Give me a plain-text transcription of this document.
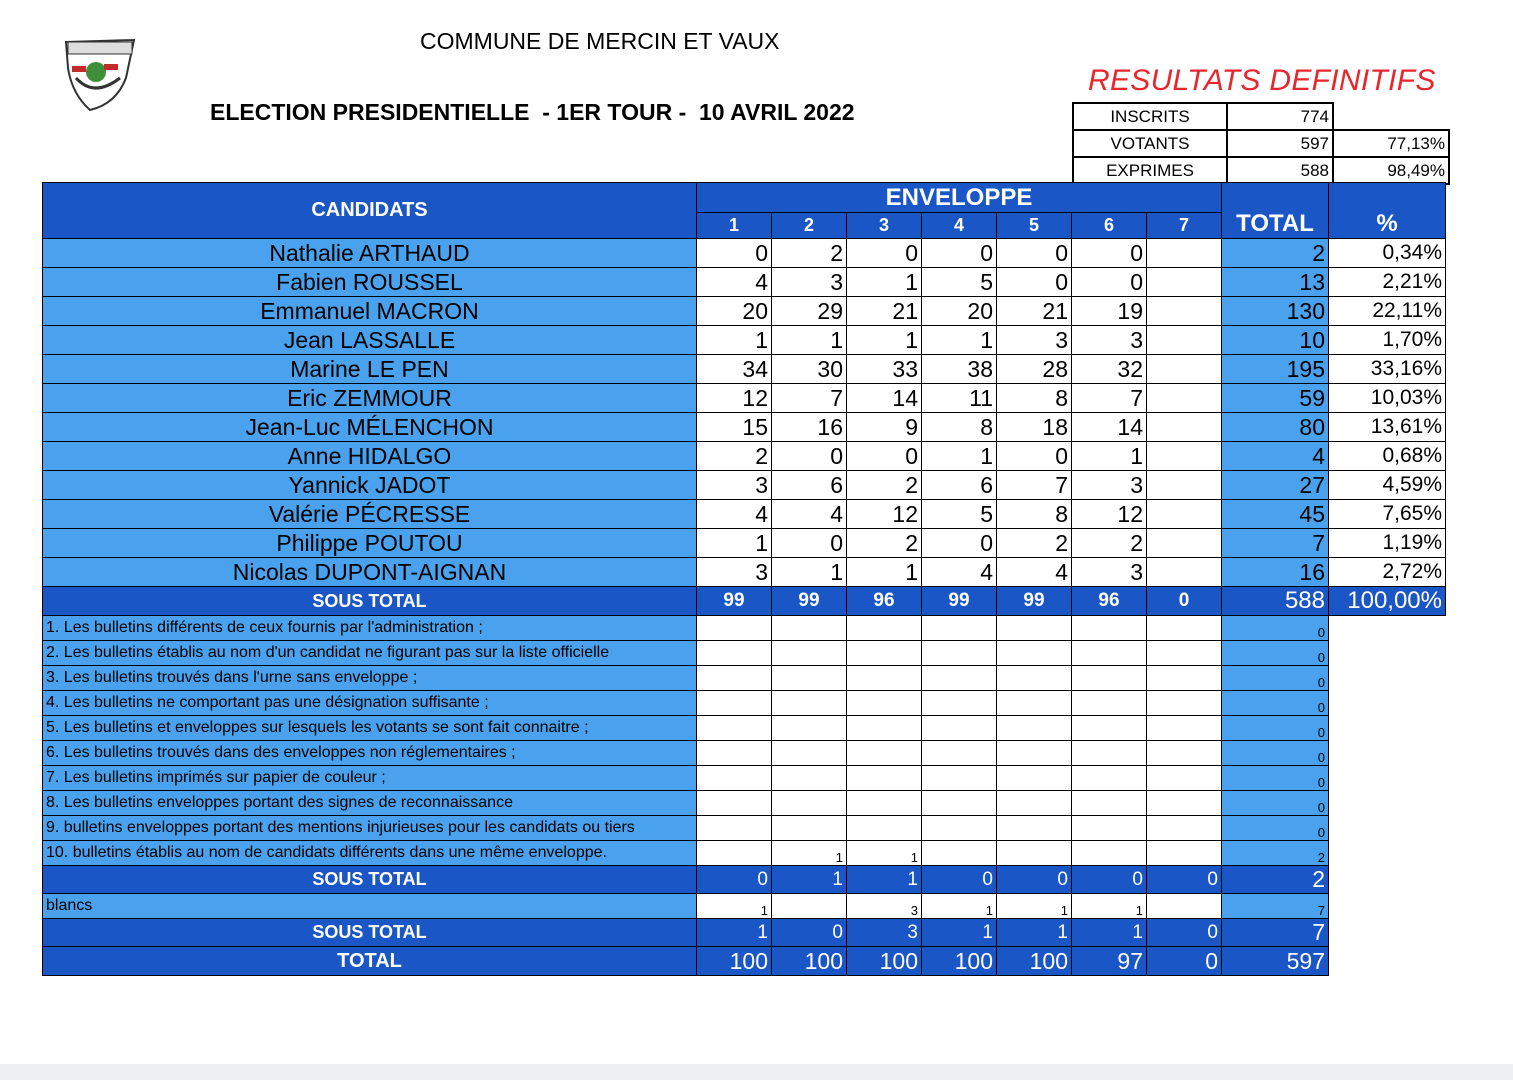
COMMUNE DE MERCIN ET VAUX
ELECTION PRESIDENTIELLE  - 1ER TOUR -  10 AVRIL 2022
RESULTATS DEFINITIFS
INSCRITS	774	
VOTANTS	597	77,13%
EXPRIMES	588	98,49%
CANDIDATS	ENVELOPPE							TOTAL	%
	1	2	3	4	5	6	7		
Nathalie ARTHAUD	0	2	0	0	0	0		2	0,34%
Fabien ROUSSEL	4	3	1	5	0	0		13	2,21%
Emmanuel MACRON	20	29	21	20	21	19		130	22,11%
Jean LASSALLE	1	1	1	1	3	3		10	1,70%
Marine LE PEN	34	30	33	38	28	32		195	33,16%
Eric ZEMMOUR	12	7	14	11	8	7		59	10,03%
Jean-Luc MÉLENCHON	15	16	9	8	18	14		80	13,61%
Anne HIDALGO	2	0	0	1	0	1		4	0,68%
Yannick JADOT	3	6	2	6	7	3		27	4,59%
Valérie PÉCRESSE	4	4	12	5	8	12		45	7,65%
Philippe POUTOU	1	0	2	0	2	2		7	1,19%
Nicolas DUPONT-AIGNAN	3	1	1	4	4	3		16	2,72%
SOUS TOTAL	99	99	96	99	99	96	0	588	100,00%
1. Les bulletins différents de ceux fournis par l'administration ;								0	
2. Les bulletins établis au nom d'un candidat ne figurant pas sur la liste officielle								0	
3. Les bulletins trouvés dans l'urne sans enveloppe ;								0	
4. Les bulletins ne comportant pas une désignation suffisante ;								0	
5. Les bulletins et enveloppes sur lesquels les votants se sont fait connaitre ;								0	
6. Les bulletins trouvés dans des enveloppes non réglementaires ;								0	
7. Les bulletins imprimés sur papier de couleur ;								0	
8. Les bulletins enveloppes portant des signes de reconnaissance								0	
9. bulletins enveloppes portant des mentions injurieuses pour les candidats ou tiers								0	
10. bulletins établis au nom de candidats différents dans une même enveloppe.		1	1					2	
SOUS TOTAL	0	1	1	0	0	0	0	2	
blancs	1		3	1	1	1		7	
SOUS TOTAL	1	0	3	1	1	1	0	7	
TOTAL	100	100	100	100	100	97	0	597	
